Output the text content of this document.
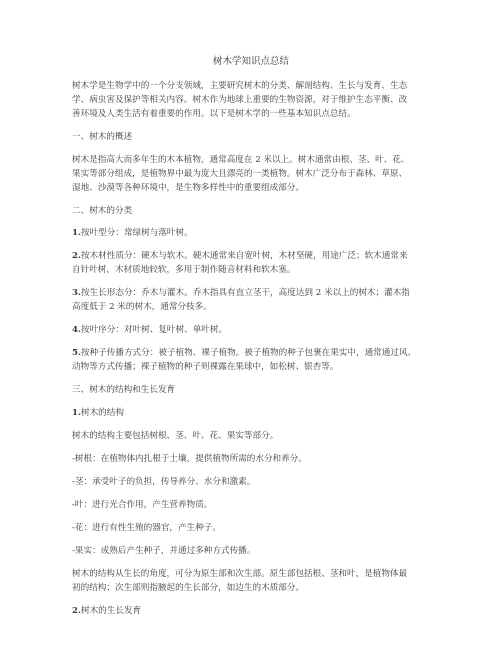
树木学知识点总结
树木学是生物学中的一个分支领域，主要研究树木的分类、解剖结构、生长与发育、生态
学、病虫害及保护等相关内容。树木作为地球上重要的生物资源，对于维护生态平衡、改
善环境及人类生活有着重要的作用。以下是树木学的一些基本知识点总结。
一、树木的概述
树木是指高大而多年生的木本植物，通常高度在 2 米以上。树木通常由根、茎、叶、花、
果实等部分组成，是植物界中最为庞大且漂亮的一类植物。树木广泛分布于森林、草原、
湿地、沙漠等各种环境中，是生物多样性中的重要组成部分。
二、树木的分类
1.按叶型分：常绿树与落叶树。
2.按木材性质分：硬木与软木。硬木通常来自宽叶树，木材坚硬，用途广泛；软木通常来
自针叶树，木材质地较软，多用于制作随音材料和软木塞。
3.按生长形态分：乔木与灌木。乔木指具有直立茎干，高度达到 2 米以上的树木；灌木指
高度低于 2 米的树木，通常分枝多。
4.按叶序分：对叶树、复叶树、单叶树。
5.按种子传播方式分：被子植物、裸子植物。被子植物的种子包裹在果实中，通常通过风、
动物等方式传播；裸子植物的种子则裸露在果球中，如松树、银杏等。
三、树木的结构和生长发育
1.树木的结构
树木的结构主要包括树根、茎、叶、花、果实等部分。
-树根：在植物体内扎根于土壤，提供植物所需的水分和养分。
-茎：承受叶子的负担，传导养分、水分和激素。
-叶：进行光合作用，产生营养物质。
-花：进行有性生殖的器官，产生种子。
-果实：成熟后产生种子，并通过多种方式传播。
树木的结构从生长的角度，可分为原生部和次生部。原生部包括根、茎和叶，是植物体最
初的结构；次生部则指腋起的生长部分，如边生的木质部分。
2.树木的生长发育
